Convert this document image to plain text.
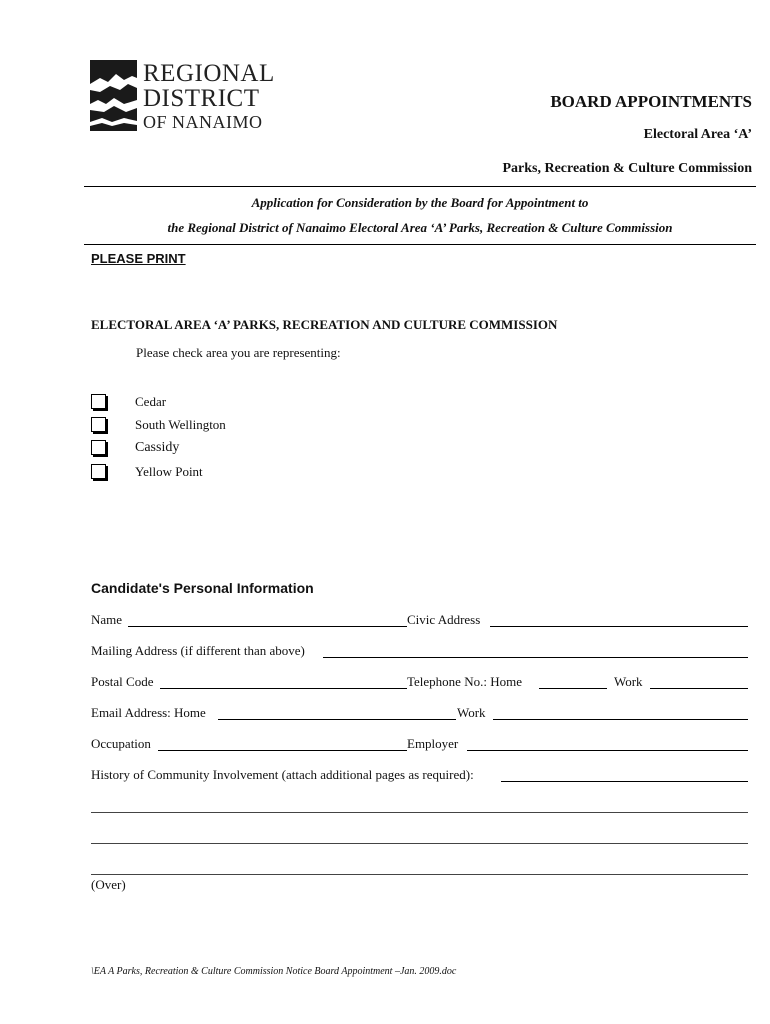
REGIONAL
DISTRICT
OF NANAIMO
BOARD APPOINTMENTS
Electoral Area ‘A’
Parks, Recreation & Culture Commission
Application for Consideration by the Board for Appointment to
the Regional District of Nanaimo Electoral Area ‘A’ Parks, Recreation & Culture Commission
PLEASE PRINT
ELECTORAL AREA ‘A’ PARKS, RECREATION AND CULTURE COMMISSION
Please check area you are representing:
Cedar
South Wellington
Cassidy
Yellow Point
Candidate's Personal Information
Name	Civic Address
Mailing Address (if different than above)
Postal Code	Telephone No.: Home	Work
Email Address: Home	Work
Occupation	Employer
History of Community Involvement (attach additional pages as required):
(Over)
\EA A Parks, Recreation & Culture Commission Notice Board Appointment –Jan. 2009.doc
